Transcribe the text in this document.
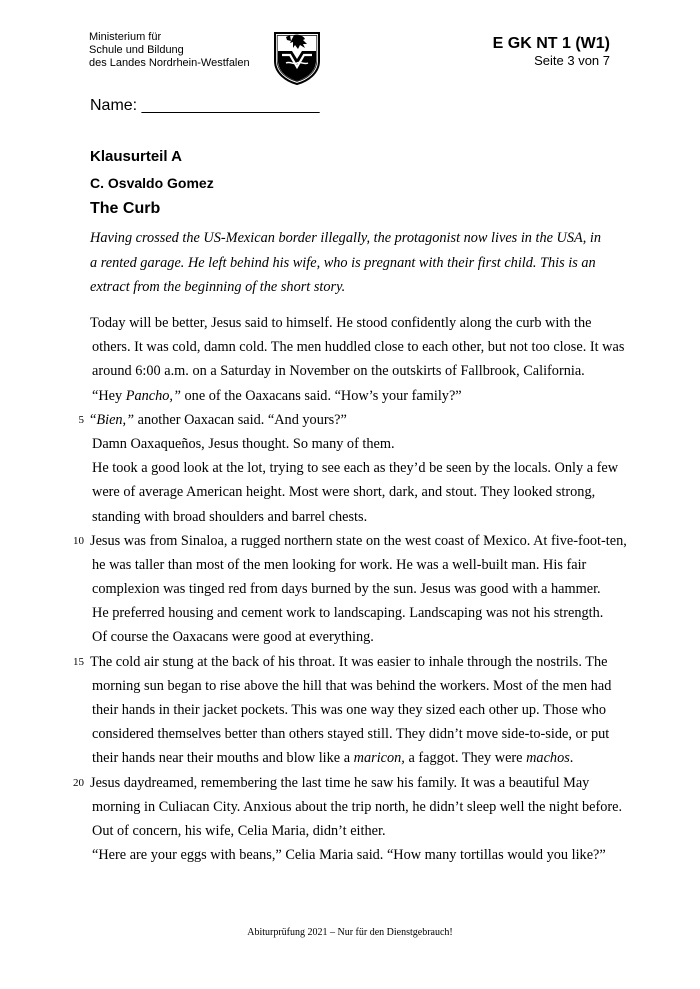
Ministerium für
Schule und Bildung
des Landes Nordrhein-Westfalen
E GK NT 1 (W1)
Seite 3 von 7
Name: ____________________
Klausurteil A
C. Osvaldo Gomez
The Curb
Having crossed the US-Mexican border illegally, the protagonist now lives in the USA, in
a rented garage. He left behind his wife, who is pregnant with their first child. This is an
extract from the beginning of the short story.
Today will be better, Jesus said to himself. He stood confidently along the curb with the
others. It was cold, damn cold. The men huddled close to each other, but not too close. It was
around 6:00 a.m. on a Saturday in November on the outskirts of Fallbrook, California.
“Hey Pancho,” one of the Oaxacans said. “How’s your family?”
5 “Bien,” another Oaxacan said. “And yours?”
Damn Oaxaqueños, Jesus thought. So many of them.
He took a good look at the lot, trying to see each as they’d be seen by the locals. Only a few
were of average American height. Most were short, dark, and stout. They looked strong,
standing with broad shoulders and barrel chests.
10 Jesus was from Sinaloa, a rugged northern state on the west coast of Mexico. At five-foot-ten,
he was taller than most of the men looking for work. He was a well-built man. His fair
complexion was tinged red from days burned by the sun. Jesus was good with a hammer.
He preferred housing and cement work to landscaping. Landscaping was not his strength.
Of course the Oaxacans were good at everything.
15 The cold air stung at the back of his throat. It was easier to inhale through the nostrils. The
morning sun began to rise above the hill that was behind the workers. Most of the men had
their hands in their jacket pockets. This was one way they sized each other up. Those who
considered themselves better than others stayed still. They didn’t move side-to-side, or put
their hands near their mouths and blow like a maricon, a faggot. They were machos.
20 Jesus daydreamed, remembering the last time he saw his family. It was a beautiful May
morning in Culiacan City. Anxious about the trip north, he didn’t sleep well the night before.
Out of concern, his wife, Celia Maria, didn’t either.
“Here are your eggs with beans,” Celia Maria said. “How many tortillas would you like?”
Abiturprüfung 2021 – Nur für den Dienstgebrauch!
